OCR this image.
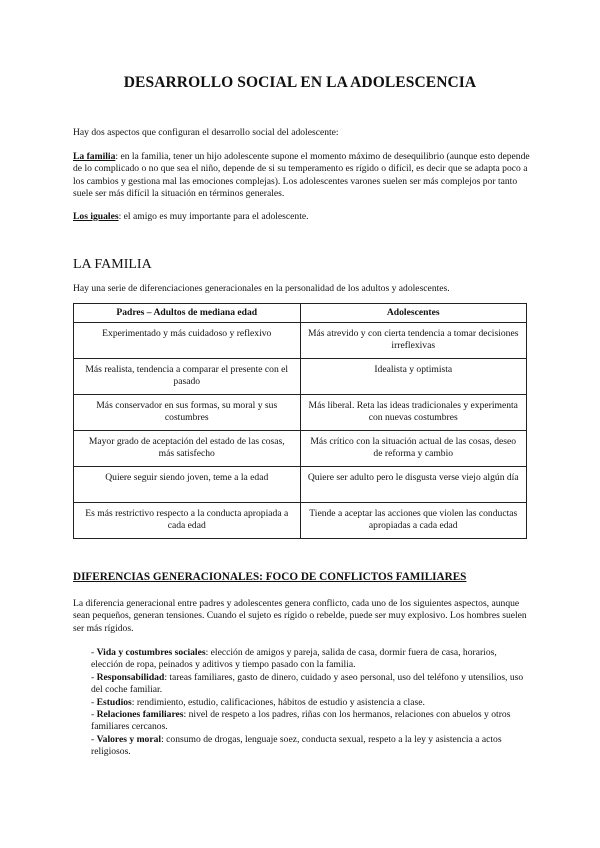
DESARROLLO SOCIAL EN LA ADOLESCENCIA

Hay dos aspectos que configuran el desarrollo social del adolescente:

La familia: en la familia, tener un hijo adolescente supone el momento máximo de desequilibrio (aunque esto depende de lo complicado o no que sea el niño, depende de si su temperamento es rígido o difícil, es decir que se adapta poco a los cambios y gestiona mal las emociones complejas). Los adolescentes varones suelen ser más complejos por tanto suele ser más difícil la situación en términos generales.

Los iguales: el amigo es muy importante para el adolescente.

LA FAMILIA

Hay una serie de diferenciaciones generacionales en la personalidad de los adultos y adolescentes.

Padres – Adultos de mediana edad	Adolescentes
Experimentado y más cuidadoso y reflexivo	Más atrevido y con cierta tendencia a tomar decisiones irreflexivas
Más realista, tendencia a comparar el presente con el pasado	Idealista y optimista
Más conservador en sus formas, su moral y sus costumbres	Más liberal. Reta las ideas tradicionales y experimenta con nuevas costumbres
Mayor grado de aceptación del estado de las cosas, más satisfecho	Más crítico con la situación actual de las cosas, deseo de reforma y cambio
Quiere seguir siendo joven, teme a la edad	Quiere ser adulto pero le disgusta verse viejo algún día
Es más restrictivo respecto a la conducta apropiada a cada edad	Tiende a aceptar las acciones que violen las conductas apropiadas a cada edad
DIFERENCIAS GENERACIONALES: FOCO DE CONFLICTOS FAMILIARES

La diferencia generacional entre padres y adolescentes genera conflicto, cada uno de los siguientes aspectos, aunque sean pequeños, generan tensiones. Cuando el sujeto es rígido o rebelde, puede ser muy explosivo. Los hombres suelen ser más rígidos.

- Vida y costumbres sociales: elección de amigos y pareja, salida de casa, dormir fuera de casa, horarios, elección de ropa, peinados y aditivos y tiempo pasado con la familia.
- Responsabilidad: tareas familiares, gasto de dinero, cuidado y aseo personal, uso del teléfono y utensilios, uso del coche familiar.
- Estudios: rendimiento, estudio, calificaciones, hábitos de estudio y asistencia a clase.
- Relaciones familiares: nivel de respeto a los padres, riñas con los hermanos, relaciones con abuelos y otros familiares cercanos.
- Valores y moral: consumo de drogas, lenguaje soez, conducta sexual, respeto a la ley y asistencia a actos religiosos.
